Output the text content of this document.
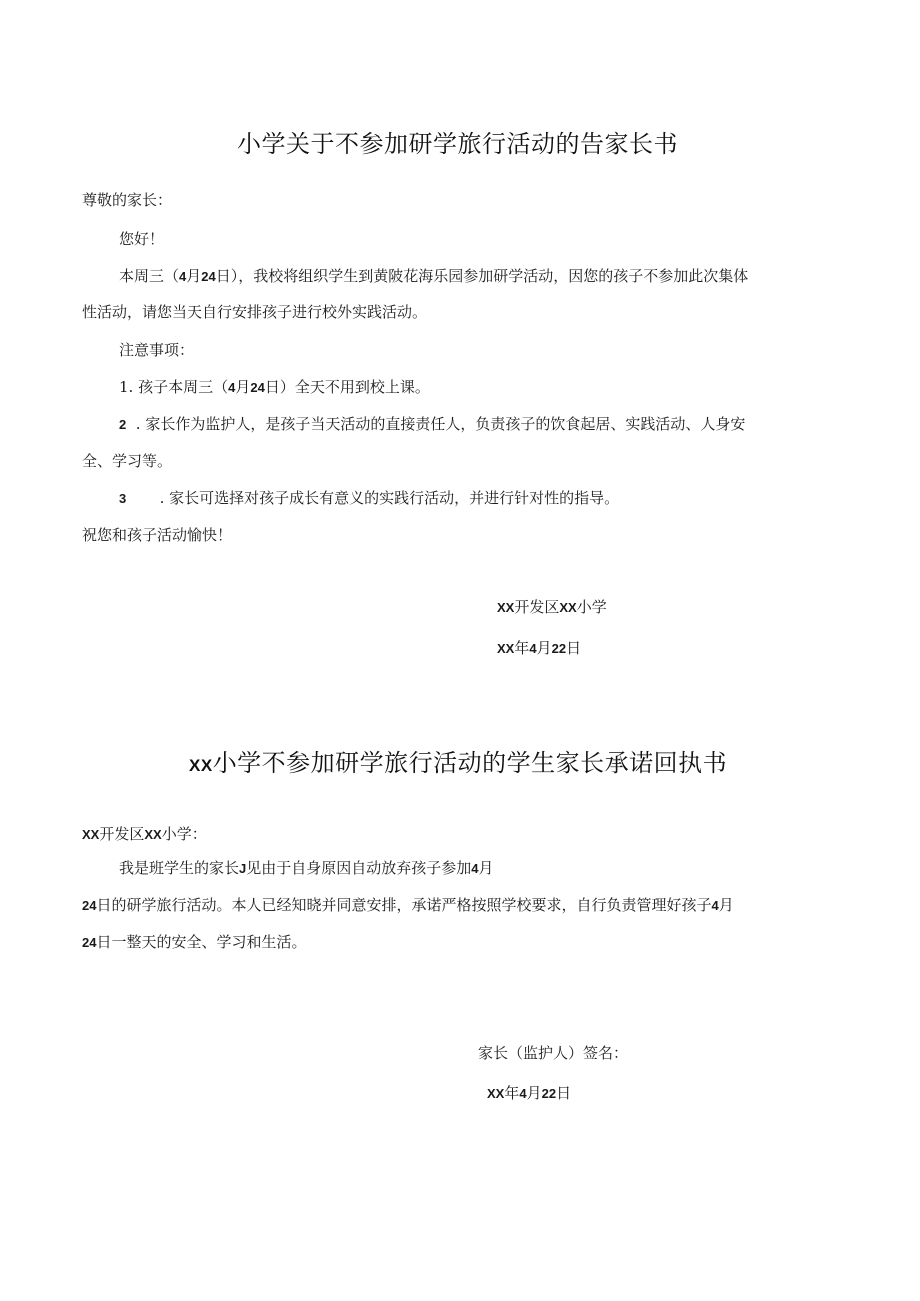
小学关于不参加研学旅行活动的告家长书
尊敬的家长：
您好！
本周三（4月24日），我校将组织学生到黄陂花海乐园参加研学活动，因您的孩子不参加此次集体
性活动，请您当天自行安排孩子进行校外实践活动。
注意事项：
1. 孩子本周三（4月24日）全天不用到校上课。
2 . 家长作为监护人，是孩子当天活动的直接责任人，负责孩子的饮食起居、实践活动、人身安
全、学习等。
3 . 家长可选择对孩子成长有意义的实践行活动，并进行针对性的指导。
祝您和孩子活动愉快！
XX开发区XX小学
XX年4月22日
XX小学不参加研学旅行活动的学生家长承诺回执书
XX开发区XX小学：
我是班学生的家长J见由于自身原因自动放弃孩子参加4月
24日的研学旅行活动。本人已经知晓并同意安排，承诺严格按照学校要求，自行负责管理好孩子4月
24日一整天的安全、学习和生活。
家长（监护人）签名：
XX年4月22日
